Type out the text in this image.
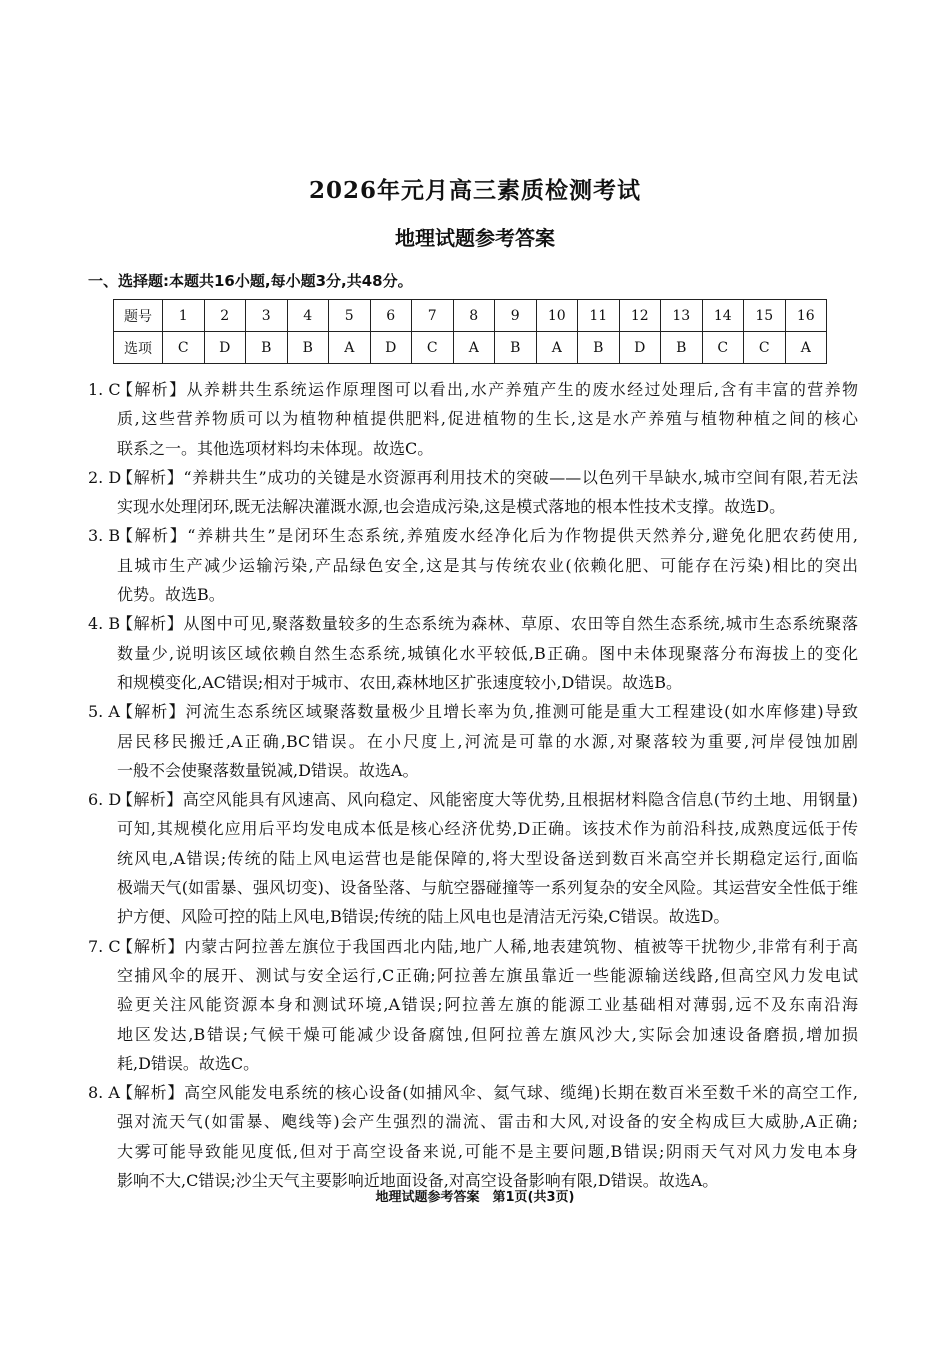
2026年元月高三素质检测考试
地理试题参考答案
一、选择题:本题共16小题,每小题3分,共48分。
题号	1	2	3	4	5	6	7	8	9	10	11	12	13	14	15	16
选项	C	D	B	B	A	D	C	A	B	A	B	D	B	C	C	A
1. C
【解析】从养耕共生系统运作原理图可以看出,水产养殖产生的废水经过处理后,含有丰富的营养物
质,这些营养物质可以为植物种植提供肥料,促进植物的生长,这是水产养殖与植物种植之间的核心
联系之一。其他选项材料均未体现。故选C。
2. D
【解析】“养耕共生”成功的关键是水资源再利用技术的突破——以色列干旱缺水,城市空间有限,若无法
实现水处理闭环,既无法解决灌溉水源,也会造成污染,这是模式落地的根本性技术支撑。故选D。
3. B
【解析】“养耕共生”是闭环生态系统,养殖废水经净化后为作物提供天然养分,避免化肥农药使用,
且城市生产减少运输污染,产品绿色安全,这是其与传统农业(依赖化肥、可能存在污染)相比的突出
优势。故选B。
4. B
【解析】从图中可见,聚落数量较多的生态系统为森林、草原、农田等自然生态系统,城市生态系统聚落
数量少,说明该区域依赖自然生态系统,城镇化水平较低,B正确。图中未体现聚落分布海拔上的变化
和规模变化,AC错误;相对于城市、农田,森林地区扩张速度较小,D错误。故选B。
5. A
【解析】河流生态系统区域聚落数量极少且增长率为负,推测可能是重大工程建设(如水库修建)导致
居民移民搬迁,A正确,BC错误。在小尺度上,河流是可靠的水源,对聚落较为重要,河岸侵蚀加剧
一般不会使聚落数量锐减,D错误。故选A。
6. D
【解析】高空风能具有风速高、风向稳定、风能密度大等优势,且根据材料隐含信息(节约土地、用钢量)
可知,其规模化应用后平均发电成本低是核心经济优势,D正确。该技术作为前沿科技,成熟度远低于传
统风电,A错误;传统的陆上风电运营也是能保障的,将大型设备送到数百米高空并长期稳定运行,面临
极端天气(如雷暴、强风切变)、设备坠落、与航空器碰撞等一系列复杂的安全风险。其运营安全性低于维
护方便、风险可控的陆上风电,B错误;传统的陆上风电也是清洁无污染,C错误。故选D。
7. C
【解析】内蒙古阿拉善左旗位于我国西北内陆,地广人稀,地表建筑物、植被等干扰物少,非常有利于高
空捕风伞的展开、测试与安全运行,C正确;阿拉善左旗虽靠近一些能源输送线路,但高空风力发电试
验更关注风能资源本身和测试环境,A错误;阿拉善左旗的能源工业基础相对薄弱,远不及东南沿海
地区发达,B错误;气候干燥可能减少设备腐蚀,但阿拉善左旗风沙大,实际会加速设备磨损,增加损
耗,D错误。故选C。
8. A
【解析】高空风能发电系统的核心设备(如捕风伞、氦气球、缆绳)长期在数百米至数千米的高空工作,
强对流天气(如雷暴、飑线等)会产生强烈的湍流、雷击和大风,对设备的安全构成巨大威胁,A正确;
大雾可能导致能见度低,但对于高空设备来说,可能不是主要问题,B错误;阴雨天气对风力发电本身
影响不大,C错误;沙尘天气主要影响近地面设备,对高空设备影响有限,D错误。故选A。
地理试题参考答案　第1页(共3页)
